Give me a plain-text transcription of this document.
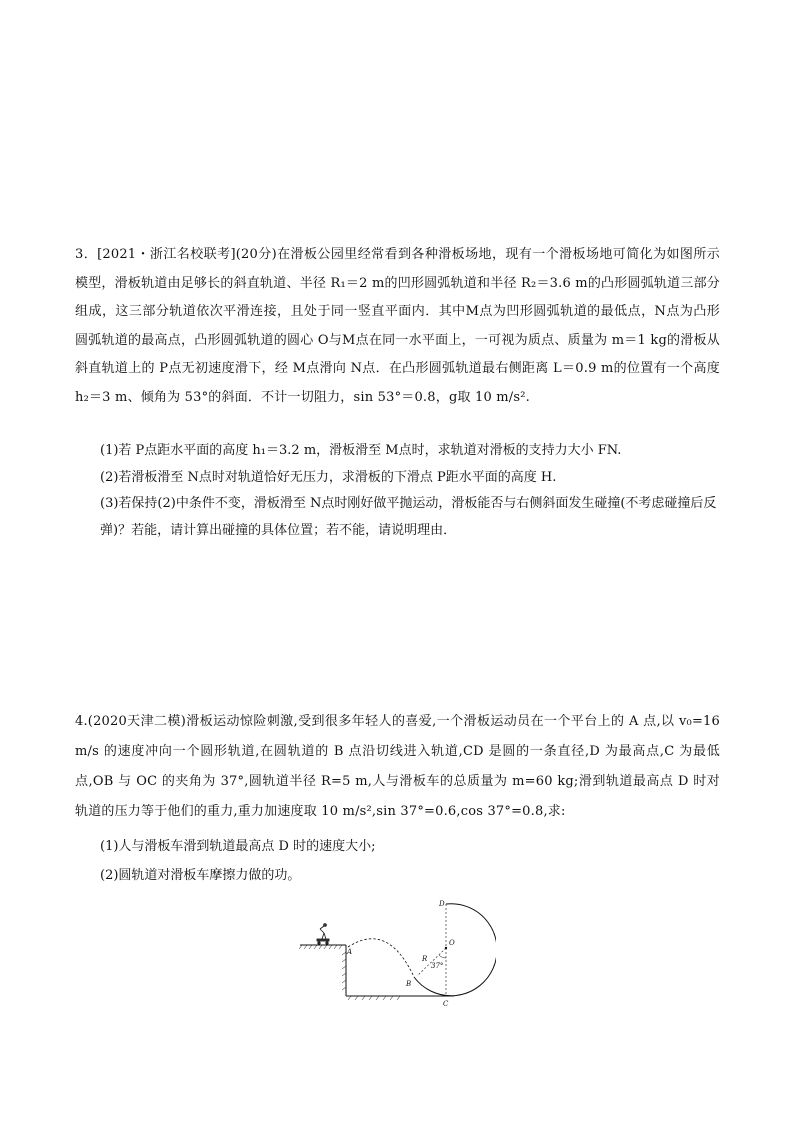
3．[2021・浙江名校联考](20分)在滑板公园里经常看到各种滑板场地，现有一个滑板场地可简化为如图所示模型，滑板轨道由足够长的斜直轨道、半径 R₁＝2 m的凹形圆弧轨道和半径 R₂＝3.6 m的凸形圆弧轨道三部分组成，这三部分轨道依次平滑连接，且处于同一竖直平面内．其中M点为凹形圆弧轨道的最低点，N点为凸形圆弧轨道的最高点，凸形圆弧轨道的圆心 O与M点在同一水平面上，一可视为质点、质量为 m＝1 kg的滑板从斜直轨道上的 P点无初速度滑下，经 M点滑向 N点．在凸形圆弧轨道最右侧距离 L＝0.9 m的位置有一个高度 h₂＝3 m、倾角为 53°的斜面．不计一切阻力，sin 53°＝0.8，g取 10 m/s².

(1)若 P点距水平面的高度 h₁＝3.2 m，滑板滑至 M点时，求轨道对滑板的支持力大小 FN.
(2)若滑板滑至 N点时对轨道恰好无压力，求滑板的下滑点 P距水平面的高度 H.
(3)若保持(2)中条件不变，滑板滑至 N点时刚好做平抛运动，滑板能否与右侧斜面发生碰撞(不考虑碰撞后反弹)？若能，请计算出碰撞的具体位置；若不能，请说明理由．

4.(2020天津二模)滑板运动惊险刺激,受到很多年轻人的喜爱,一个滑板运动员在一个平台上的 A 点,以 v₀=16 m/s 的速度冲向一个圆形轨道,在圆轨道的 B 点沿切线进入轨道,CD 是圆的一条直径,D 为最高点,C 为最低点,OB 与 OC 的夹角为 37°,圆轨道半径 R=5 m,人与滑板车的总质量为 m=60 kg;滑到轨道最高点 D 时对轨道的压力等于他们的重力,重力加速度取 10 m/s²,sin 37°=0.6,cos 37°=0.8,求:

(1)人与滑板车滑到轨道最高点 D 时的速度大小;
(2)圆轨道对滑板车摩擦力做的功。
A
B
C
D
O
R
37°
